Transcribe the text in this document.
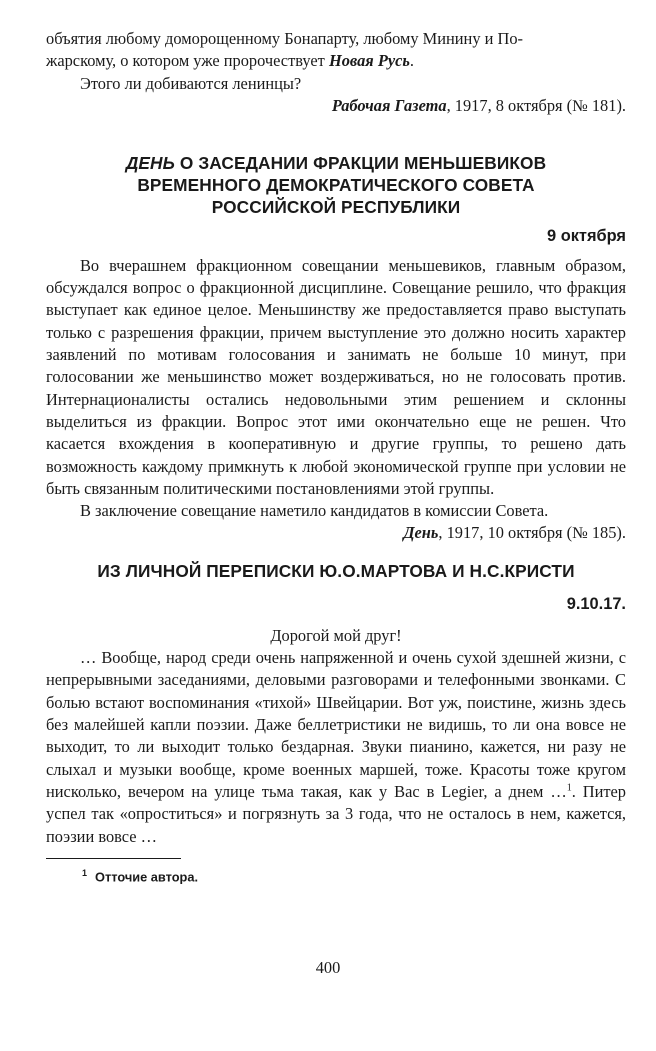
объятия любому доморощенному Бонапарту, любому Минину и По-
жарскому, о котором уже пророчествует Новая Русь.

Этого ли добиваются ленинцы?

Рабочая Газета, 1917, 8 октября (№ 181).

ДЕНЬ О ЗАСЕДАНИИ ФРАКЦИИ МЕНЬШЕВИКОВ
ВРЕМЕННОГО ДЕМОКРАТИЧЕСКОГО СОВЕТА
РОССИЙСКОЙ РЕСПУБЛИКИ

9 октября

Во вчерашнем фракционном совещании меньшевиков, главным образом, обсуждался вопрос о фракционной дисциплине. Совещание решило, что фракция выступает как единое целое. Меньшинству же предоставляется право выступать только с разрешения фракции, причем выступление это должно носить характер заявлений по мотивам голосования и занимать не больше 10 минут, при голосовании же меньшинство может воздерживаться, но не голосовать против. Интернационалисты остались недовольными этим решением и склонны выделиться из фракции. Вопрос этот ими окончательно еще не решен. Что касается вхождения в кооперативную и другие группы, то решено дать возможность каждому примкнуть к любой экономической группе при условии не быть связанным политическими постановлениями этой группы.

В заключение совещание наметило кандидатов в комиссии Совета.

День, 1917, 10 октября (№ 185).

ИЗ ЛИЧНОЙ ПЕРЕПИСКИ Ю.О.МАРТОВА И Н.С.КРИСТИ

9.10.17.

Дорогой мой друг!

… Вообще, народ среди очень напряженной и очень сухой здешней жизни, с непрерывными заседаниями, деловыми разговорами и телефонными звонками. С болью встают воспоминания «тихой» Швейцарии. Вот уж, поистине, жизнь здесь без малейшей капли поэзии. Даже беллетристики не видишь, то ли она вовсе не выходит, то ли выходит только бездарная. Звуки пианино, кажется, ни разу не слыхал и музыки вообще, кроме военных маршей, тоже. Красоты тоже кругом нисколько, вечером на улице тьма такая, как у Вас в Legier, а днем …$^1$. Питер успел так «опроститься» и погрязнуть за 3 года, что не осталось в нем, кажется, поэзии вовсе …

$^1$ Отточие автора.

400
